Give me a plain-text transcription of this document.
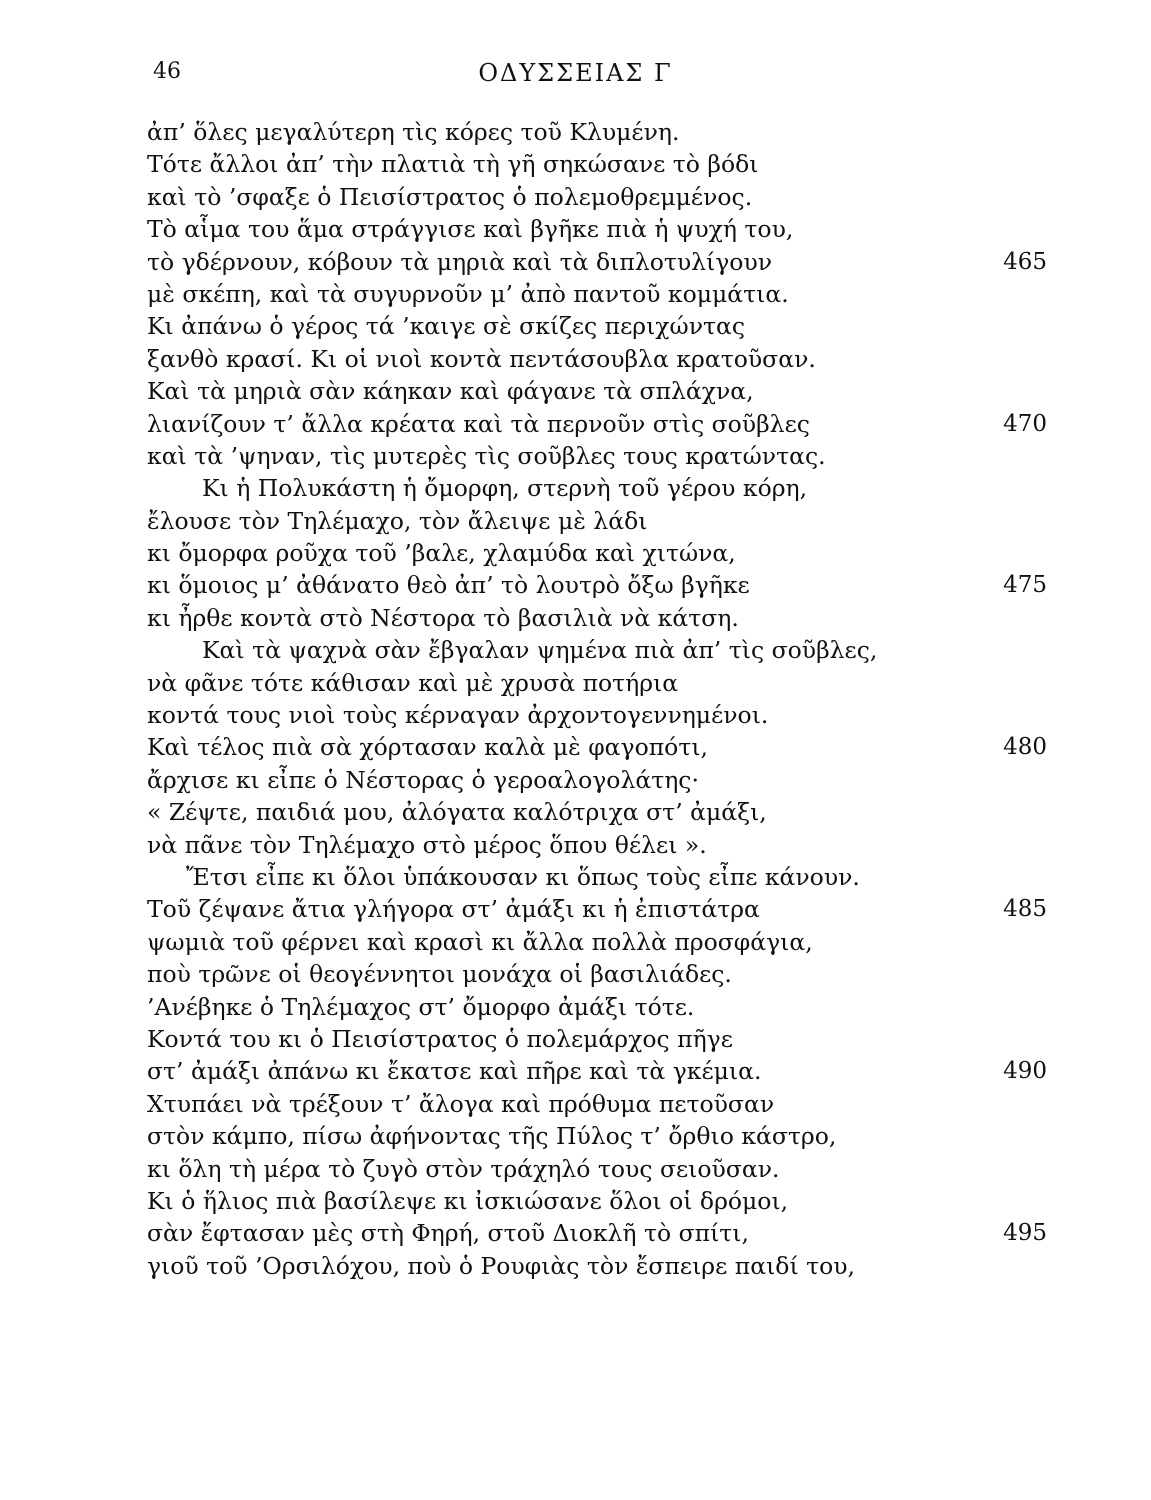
46	ΟΔΥΣΣΕΙΑΣ Γ
ἀπ’ ὅλες μεγαλύτερη τὶς κόρες τοῦ Κλυμένη.
Τότε ἄλλοι ἀπ’ τὴν πλατιὰ τὴ γῆ σηκώσανε τὸ βόδι
καὶ τὸ ’σφαξε ὁ Πεισίστρατος ὁ πολεμοθρεμμένος.
Τὸ αἷμα του ἅμα στράγγισε καὶ βγῆκε πιὰ ἡ ψυχή του,
τὸ γδέρνουν, κόβουν τὰ μηριὰ καὶ τὰ διπλοτυλίγουν	465
μὲ σκέπη, καὶ τὰ συγυρνοῦν μ’ ἀπὸ παντοῦ κομμάτια.
Κι ἀπάνω ὁ γέρος τά ’καιγε σὲ σκίζες περιχώντας
ξανθὸ κρασί. Κι οἱ νιοὶ κοντὰ πεντάσουβλα κρατοῦσαν.
Καὶ τὰ μηριὰ σὰν κάηκαν καὶ φάγανε τὰ σπλάχνα,
λιανίζουν τ’ ἄλλα κρέατα καὶ τὰ περνοῦν στὶς σοῦβλες	470
καὶ τὰ ’ψηναν, τὶς μυτερὲς τὶς σοῦβλες τους κρατώντας.
Κι ἡ Πολυκάστη ἡ ὄμορφη, στερνὴ τοῦ γέρου κόρη,
ἔλουσε τὸν Τηλέμαχο, τὸν ἄλειψε μὲ λάδι
κι ὄμορφα ροῦχα τοῦ ’βαλε, χλαμύδα καὶ χιτώνα,
κι ὅμοιος μ’ ἀθάνατο θεὸ ἀπ’ τὸ λουτρὸ ὄξω βγῆκε	475
κι ἦρθε κοντὰ στὸ Νέστορα τὸ βασιλιὰ νὰ κάτση.
Καὶ τὰ ψαχνὰ σὰν ἔβγαλαν ψημένα πιὰ ἀπ’ τὶς σοῦβλες,
νὰ φᾶνε τότε κάθισαν καὶ μὲ χρυσὰ ποτήρια
κοντά τους νιοὶ τοὺς κέρναγαν ἀρχοντογεννημένοι.
Καὶ τέλος πιὰ σὰ χόρτασαν καλὰ μὲ φαγοπότι,	480
ἄρχισε κι εἶπε ὁ Νέστορας ὁ γεροαλογολάτης·
« Ζέψτε, παιδιά μου, ἀλόγατα καλότριχα στ’ ἀμάξι,
νὰ πᾶνε τὸν Τηλέμαχο στὸ μέρος ὅπου θέλει ».
Ἔτσι εἶπε κι ὅλοι ὑπάκουσαν κι ὅπως τοὺς εἶπε κάνουν.
Τοῦ ζέψανε ἄτια γλήγορα στ’ ἀμάξι κι ἡ ἐπιστάτρα	485
ψωμιὰ τοῦ φέρνει καὶ κρασὶ κι ἄλλα πολλὰ προσφάγια,
ποὺ τρῶνε οἱ θεογέννητοι μονάχα οἱ βασιλιάδες.
’Ανέβηκε ὁ Τηλέμαχος στ’ ὄμορφο ἀμάξι τότε.
Κοντά του κι ὁ Πεισίστρατος ὁ πολεμάρχος πῆγε
στ’ ἀμάξι ἀπάνω κι ἔκατσε καὶ πῆρε καὶ τὰ γκέμια.	490
Χτυπάει νὰ τρέξουν τ’ ἄλογα καὶ πρόθυμα πετοῦσαν
στὸν κάμπο, πίσω ἀφήνοντας τῆς Πύλος τ’ ὄρθιο κάστρο,
κι ὅλη τὴ μέρα τὸ ζυγὸ στὸν τράχηλό τους σειοῦσαν.
Κι ὁ ἥλιος πιὰ βασίλεψε κι ἰσκιώσανε ὅλοι οἱ δρόμοι,
σὰν ἔφτασαν μὲς στὴ Φηρή, στοῦ Διοκλῆ τὸ σπίτι,	495
γιοῦ τοῦ ’Ορσιλόχου, ποὺ ὁ Ρουφιὰς τὸν ἔσπειρε παιδί του,
